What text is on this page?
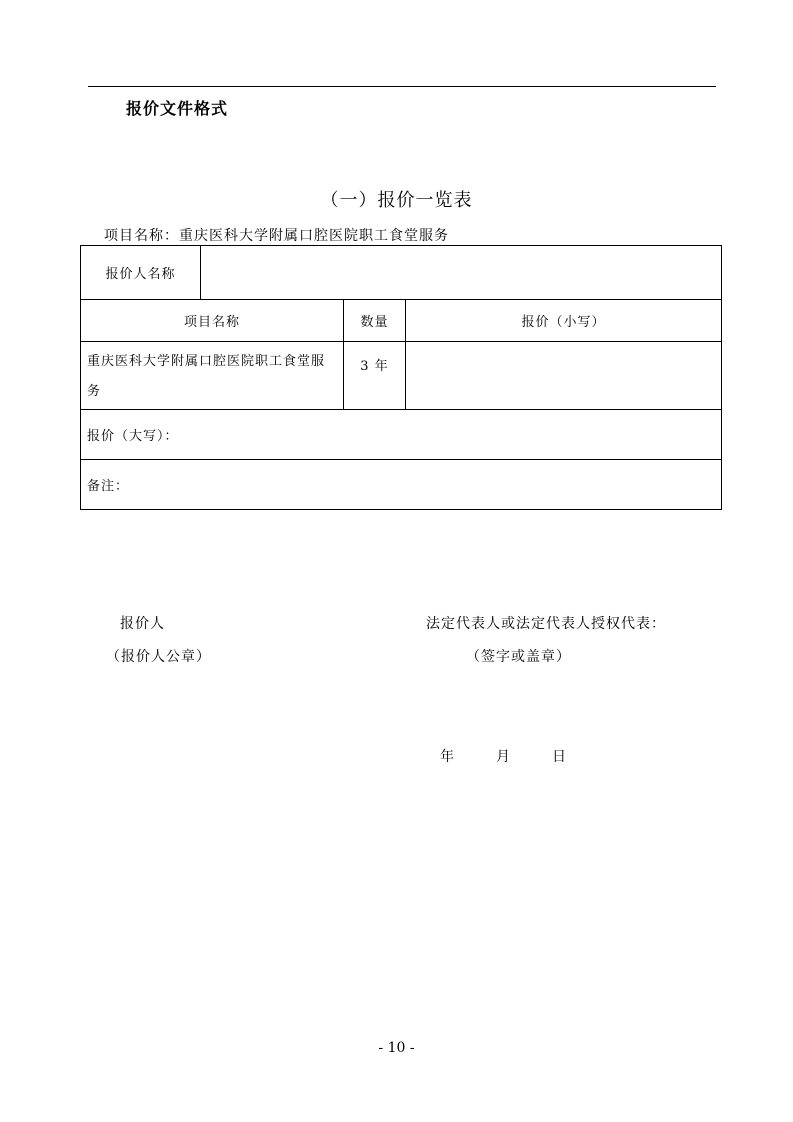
报价文件格式
（一）报价一览表
项目名称：重庆医科大学附属口腔医院职工食堂服务
报价人名称			
项目名称		数量	报价（小写）
重庆医科大学附属口腔医院职工食堂服务		3 年	
报价（大写）：			
备注：			
报价人
（报价人公章）
法定代表人或法定代表人授权代表：
（签字或盖章）
年	月	日
- 10 -
